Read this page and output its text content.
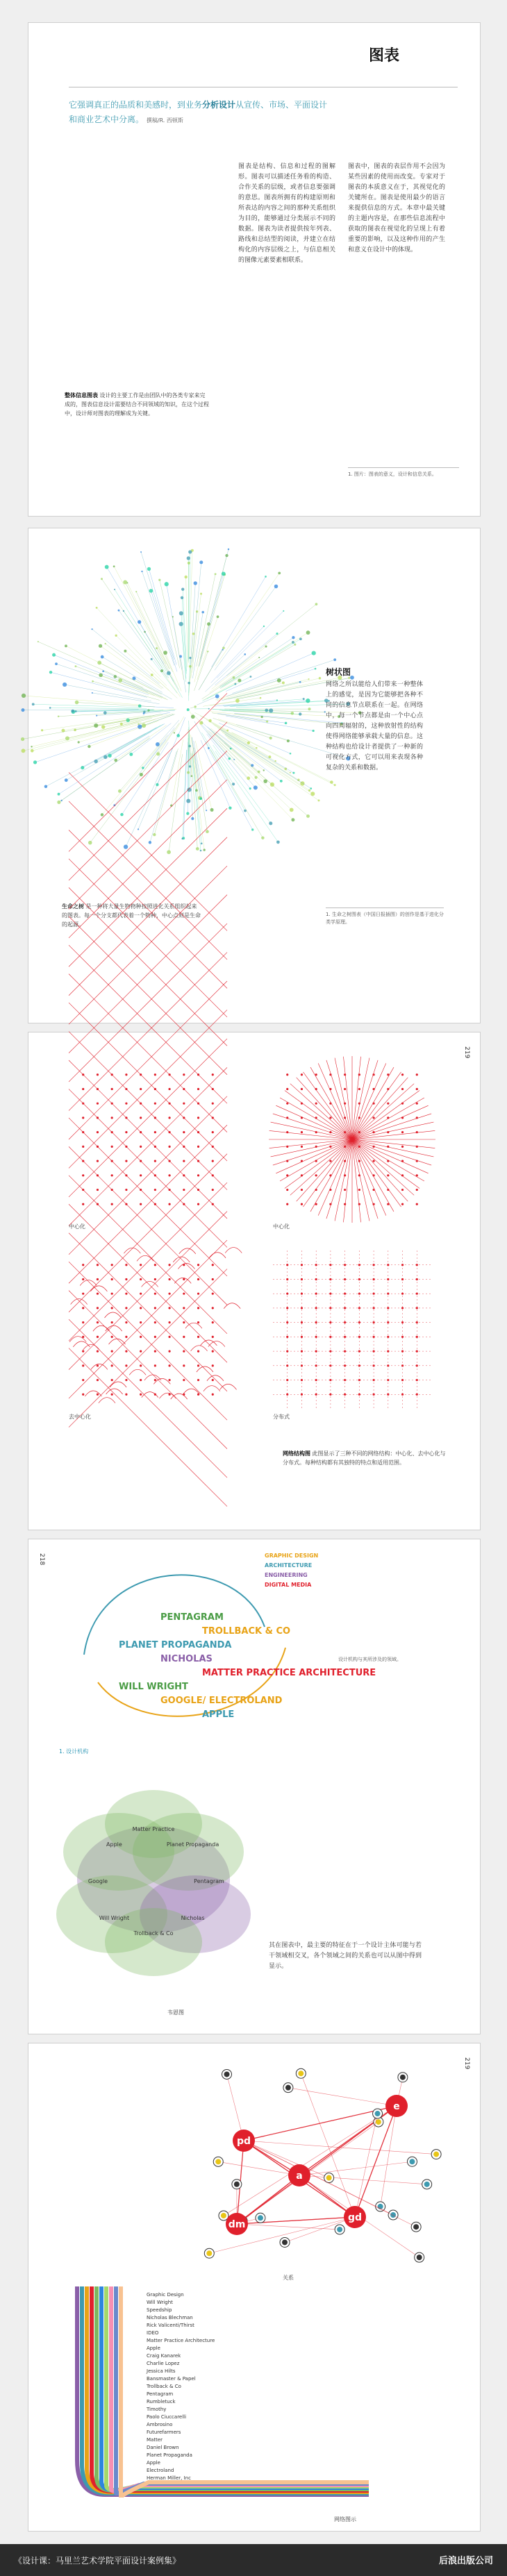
图表
它强调真正的品质和美感时，到业务分析设计从宣传、市场、平面设计和商业艺术中分离。 撰稿/R. 西顿斯
图表是结构、信息和过程的图解形。图表可以描述任务看的构造、合作关系的层级，或者信息要强调的意思。图表所拥有的构建原则和所表达的内容之间的那种关系组织为目的，能够通过分类展示不同的数据。图表为读者提供按年列表、路线和总结型的阅读，并建立在结构化的内容层级之上，与信息相关的图像元素要素相联系。
图表中，图表的表层作用不会因为某些因素的使用而改变。专家对于图表的本质意义在于，其视觉化的关键所在。图表是使用最少的语言来提供信息的方式。本章中最关键的主题内容是，在那些信息流程中获取的图表在视觉化的呈现上有着重要的影响，以及这种作用的产生和意义在设计中的体现。
整体信息图表 设计的主要工作是由团队中的各类专家来完成的，图表信息设计需要结合不同领域的知识，在这个过程中，设计师对图表的理解成为关键。
1. 图片：图表的意义，设计和信息关系。
树状图
网络之所以能给人们带来一种整体上的感觉，是因为它能够把各种不同的信息节点联系在一起。在网络中，每一个节点都是由一个中心点向四周辐射的，这种放射性的结构使得网络能够承载大量的信息。这种结构也给设计者提供了一种新的可视化方式，它可以用来表现各种复杂的关系和数据。
生命之树 是一种将大量生物物种按照进化关系组织起来的图表。每一个分支都代表着一个物种，中心点则是生命的起源。
1. 生命之树图表（中国日报插图）的创作是基于进化分类学原理。
219
中心化	中心化
去中心化	分布式
网络结构图 此图显示了三种不同的网络结构：中心化、去中心化与分布式。每种结构都有其独特的特点和适用范围。
218	GRAPHIC DESIGN
ARCHITECTURE
ENGINEERING
DIGITAL MEDIA
PENTAGRAM
TROLLBACK & CO
PLANET PROPAGANDA
NICHOLAS
MATTER PRACTICE ARCHITECTURE
WILL WRIGHT
GOOGLE/ ELECTROLAND
APPLE
设计机构与其所涉及的领域。
1. 设计机构
Pentagram
Nicholas
Trollback & Co
Will Wright
Google
Apple
Matter Practice
Planet Propaganda
其在图表中，最主要的特征在于一个设计主体可能与若干领域相交叉，各个领域之间的关系也可以从图中得到显示。
韦恩图
219
pd
a
e
gd
dm
Graphic Design
Will Wright
Speedship
Nicholas Blechman
Rick Valicenti/Thirst
IDEO
Matter Practice Architecture
Apple
Craig Kanarek
Charlie Lopez
Jessica Hilts
Bansmaster & Papel
Trollback & Co
Pentagram
Rumbletuck
Timothy
Paolo Ciuccarelli
Ambrosino
Futurefarmers
Matter
Daniel Brown
Planet Propaganda
Apple
Electroland
Herman Miller, Inc
网络图示
关系
《设计课：马里兰艺术学院平面设计案例集》	后浪出版公司
